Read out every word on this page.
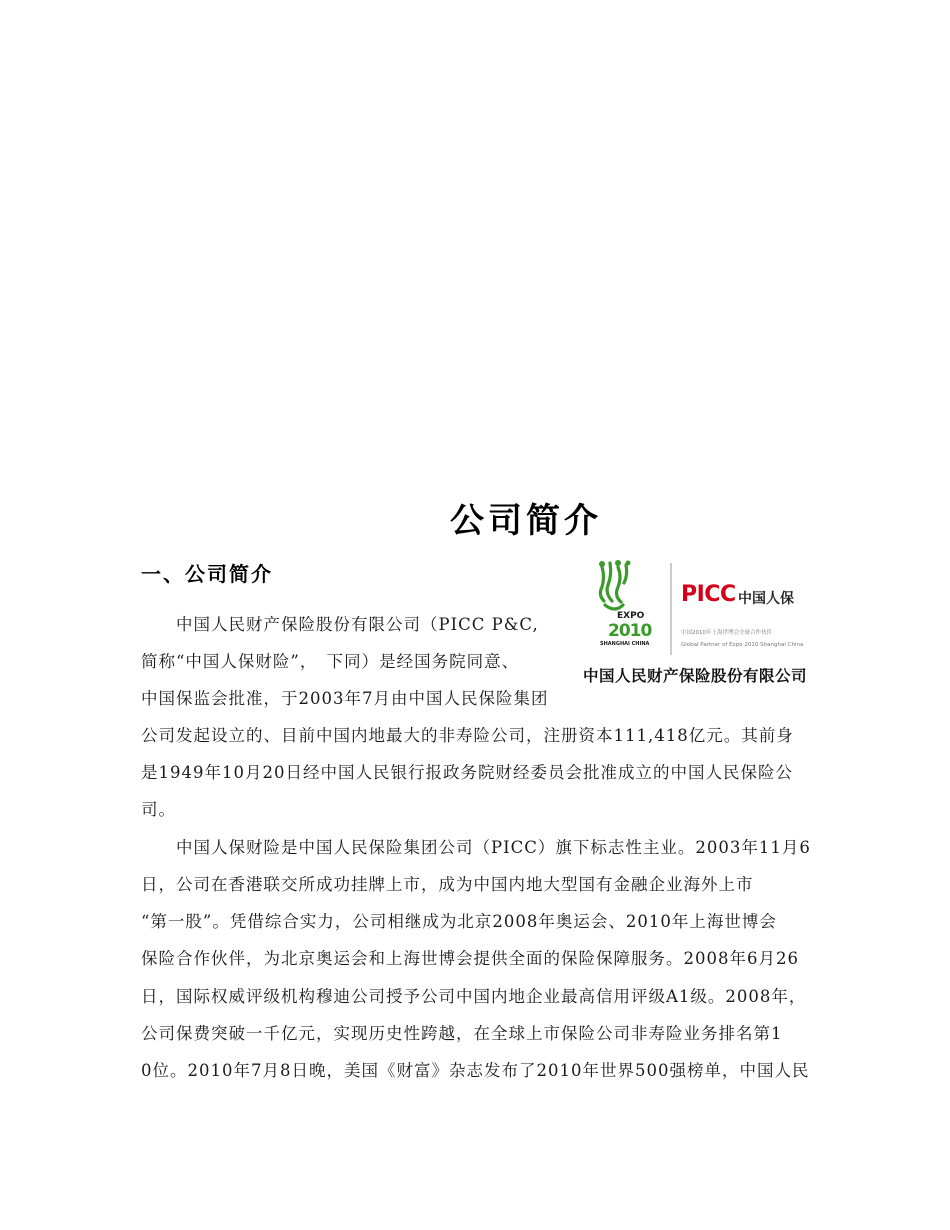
公司简介
一、公司简介
EXPO
2010
SHANGHAI CHINA
PICC 中国人保
中国2010年上海世博会全球合作伙伴
Global Partner of Expo 2010 Shanghai China
中国人民财产保险股份有限公司
　　中国人民财产保险股份有限公司（PICC P&C,
简称“中国人保财险”，　下同）是经国务院同意、
中国保监会批准，于2003年7月由中国人民保险集团
公司发起设立的、目前中国内地最大的非寿险公司，注册资本111,418亿元。其前身
是1949年10月20日经中国人民银行报政务院财经委员会批准成立的中国人民保险公
司。
　　中国人保财险是中国人民保险集团公司（PICC）旗下标志性主业。2003年11月6
日，公司在香港联交所成功挂牌上市，成为中国内地大型国有金融企业海外上市
“第一股”。凭借综合实力，公司相继成为北京2008年奥运会、2010年上海世博会
保险合作伙伴，为北京奥运会和上海世博会提供全面的保险保障服务。2008年6月26
日，国际权威评级机构穆迪公司授予公司中国内地企业最高信用评级A1级。2008年，
公司保费突破一千亿元，实现历史性跨越，在全球上市保险公司非寿险业务排名第1
0位。2010年7月8日晚，美国《财富》杂志发布了2010年世界500强榜单，中国人民
